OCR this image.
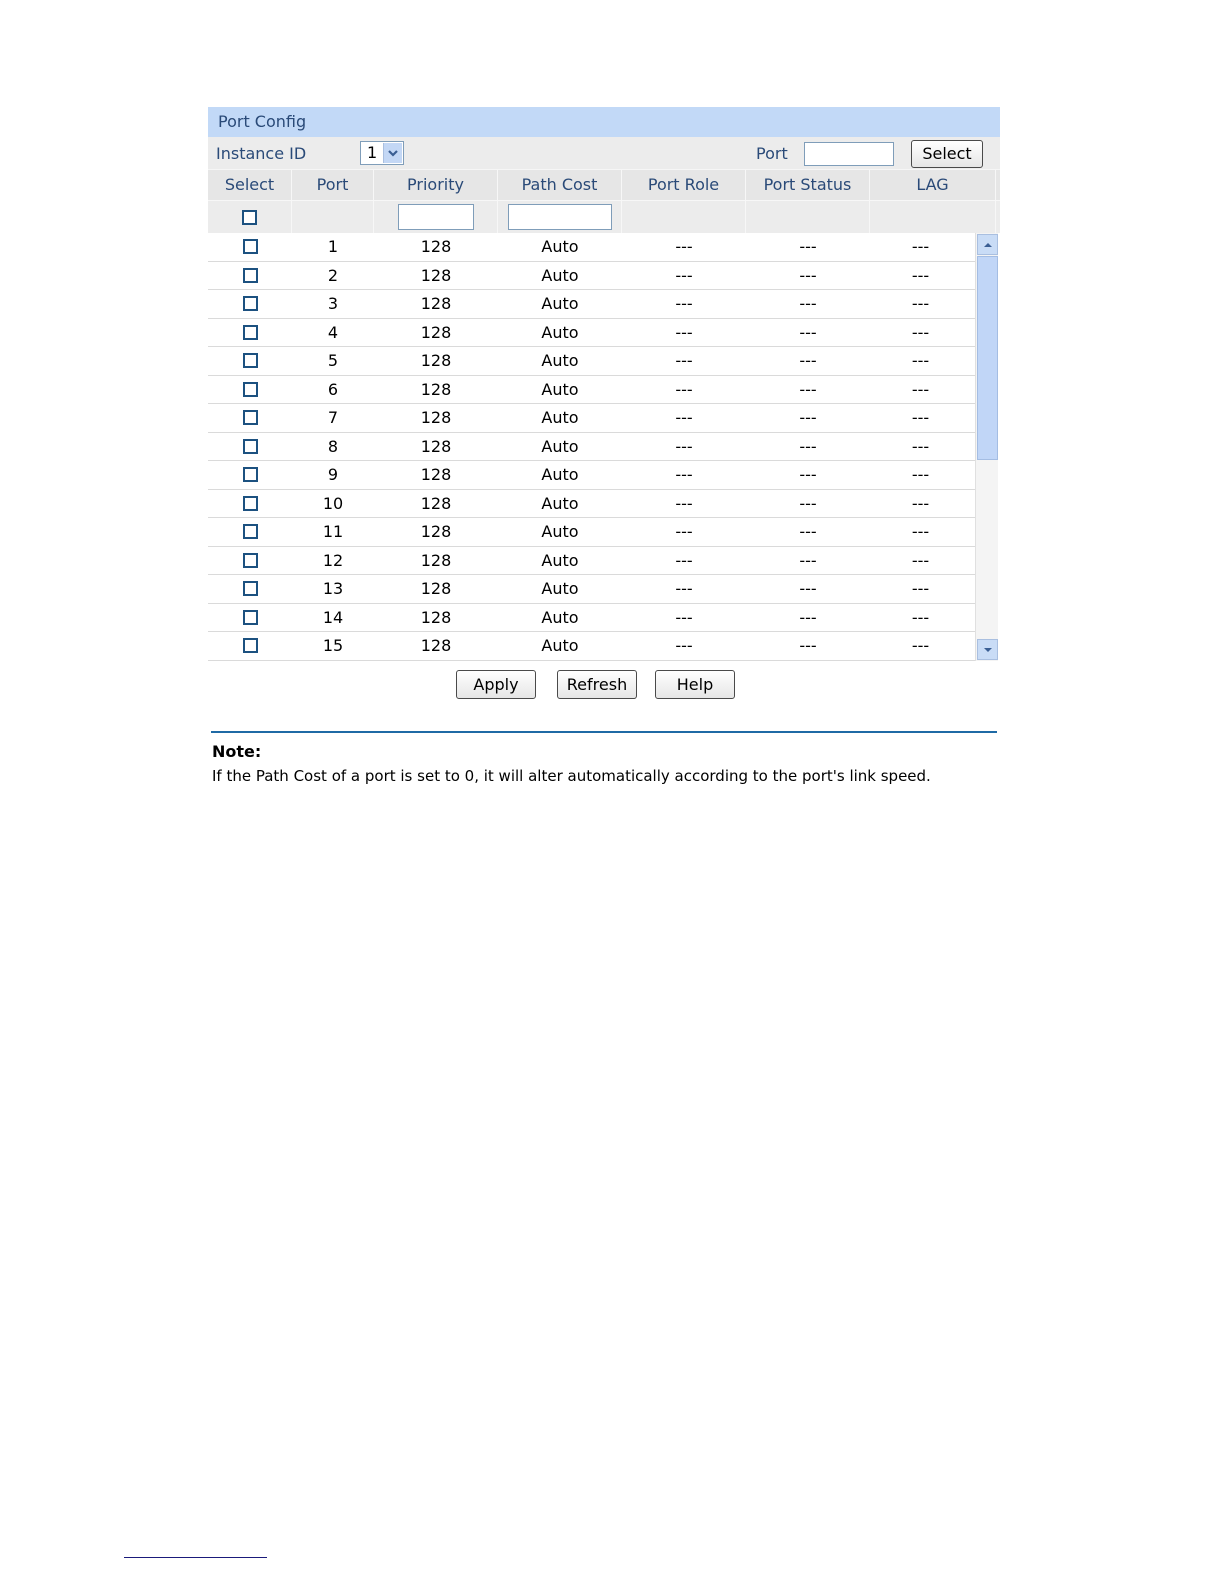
Port Config
Instance ID	1	Port	Select
Select	Port	Priority	Path Cost	Port Role	Port Status	LAG
1	128	Auto	---	---	---
2	128	Auto	---	---	---
3	128	Auto	---	---	---
4	128	Auto	---	---	---
5	128	Auto	---	---	---
6	128	Auto	---	---	---
7	128	Auto	---	---	---
8	128	Auto	---	---	---
9	128	Auto	---	---	---
10	128	Auto	---	---	---
11	128	Auto	---	---	---
12	128	Auto	---	---	---
13	128	Auto	---	---	---
14	128	Auto	---	---	---
15	128	Auto	---	---	---
Apply	Refresh	Help
Note:
If the Path Cost of a port is set to 0, it will alter automatically according to the port's link speed.
